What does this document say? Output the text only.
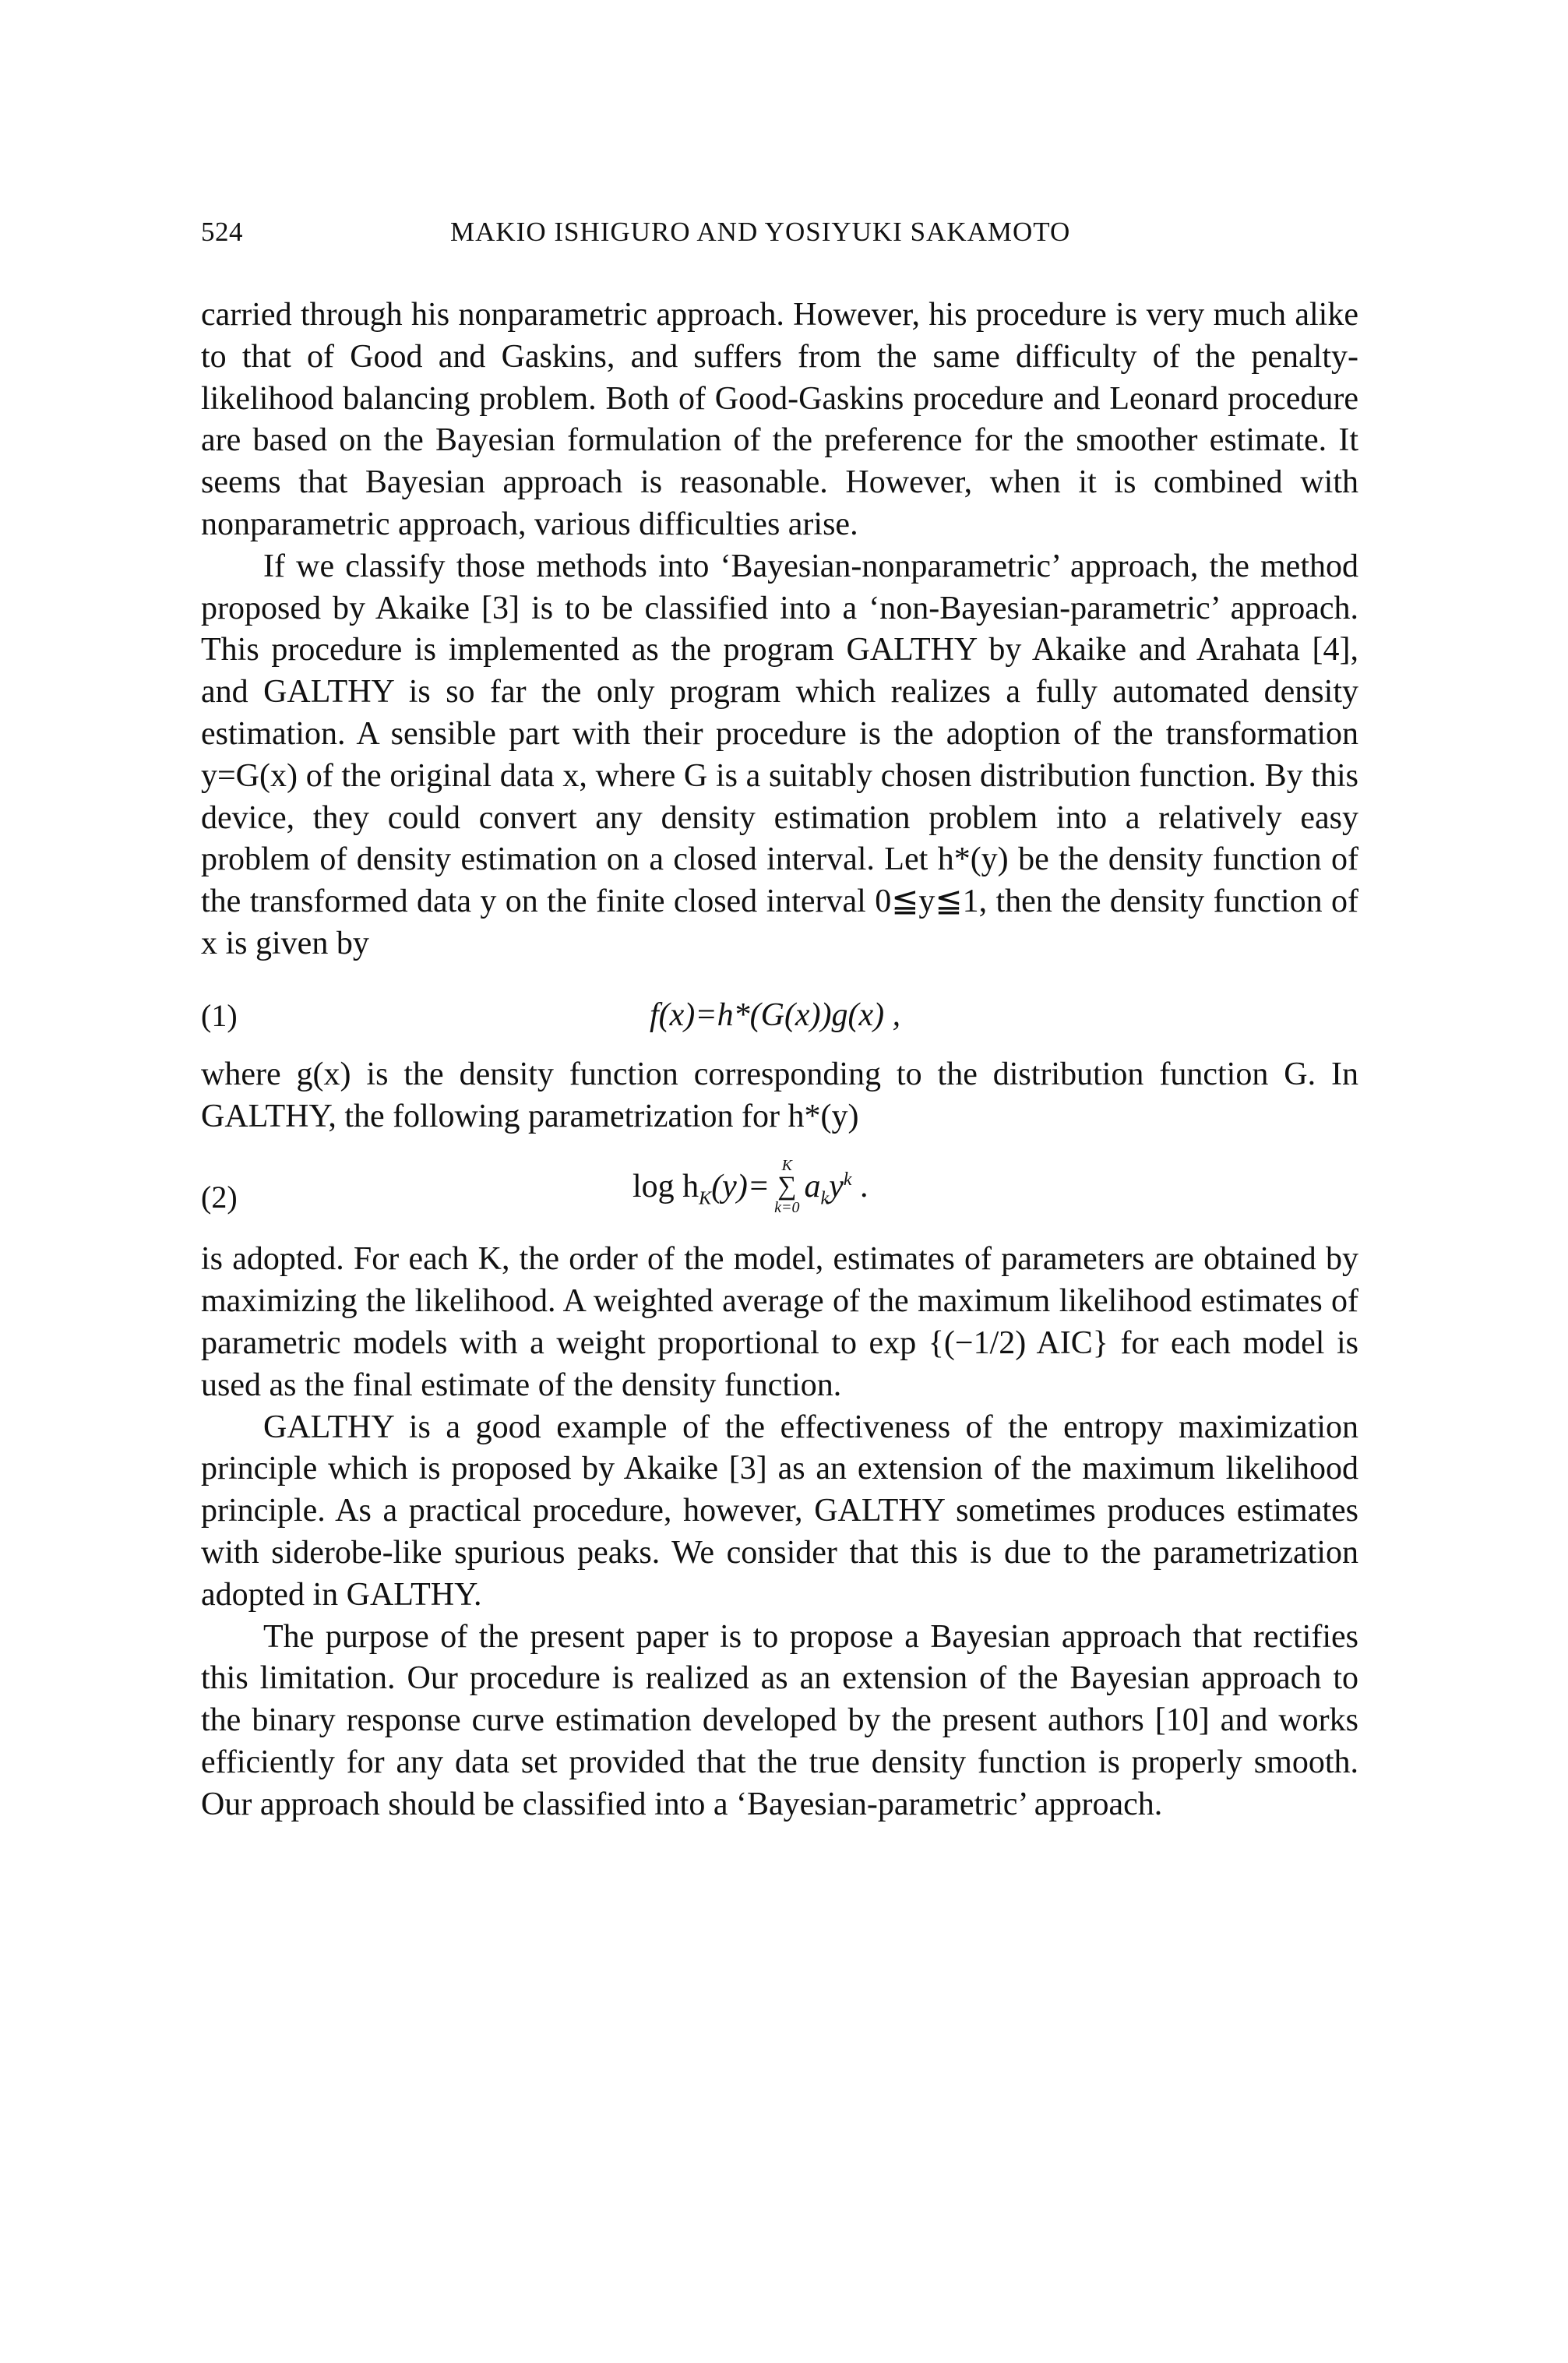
524	MAKIO ISHIGURO AND YOSIYUKI SAKAMOTO

carried through his nonparametric approach. However, his procedure is very much alike to that of Good and Gaskins, and suffers from the same difficulty of the penalty-likelihood balancing problem. Both of Good-Gaskins procedure and Leonard procedure are based on the Bayesian formulation of the preference for the smoother estimate. It seems that Bayesian approach is reasonable. However, when it is combined with nonparametric approach, various difficulties arise.

If we classify those methods into ‘Bayesian-nonparametric’ approach, the method proposed by Akaike [3] is to be classified into a ‘non-Bayesian-parametric’ approach. This procedure is implemented as the program GALTHY by Akaike and Arahata [4], and GALTHY is so far the only program which realizes a fully automated density estimation. A sensible part with their procedure is the adoption of the transformation y=G(x) of the original data x, where G is a suitably chosen distribution function. By this device, they could convert any density estimation problem into a relatively easy problem of density estimation on a closed interval. Let h*(y) be the density function of the transformed data y on the finite closed interval 0≦y≦1, then the density function of x is given by

(1)	f(x)=h*(G(x))g(x) ,

where g(x) is the density function corresponding to the distribution function G. In GALTHY, the following parametrization for h*(y)

(2)	$\log h_K(y)=$
K
∑
k=0
$a_ky^k$ .

is adopted. For each K, the order of the model, estimates of parameters are obtained by maximizing the likelihood. A weighted average of the maximum likelihood estimates of parametric models with a weight proportional to exp {(−1/2) AIC} for each model is used as the final estimate of the density function.

GALTHY is a good example of the effectiveness of the entropy maximization principle which is proposed by Akaike [3] as an extension of the maximum likelihood principle. As a practical procedure, however, GALTHY sometimes produces estimates with siderobe-like spurious peaks. We consider that this is due to the parametrization adopted in GALTHY.

The purpose of the present paper is to propose a Bayesian approach that rectifies this limitation. Our procedure is realized as an extension of the Bayesian approach to the binary response curve estimation developed by the present authors [10] and works efficiently for any data set provided that the true density function is properly smooth. Our approach should be classified into a ‘Bayesian-parametric’ approach.
